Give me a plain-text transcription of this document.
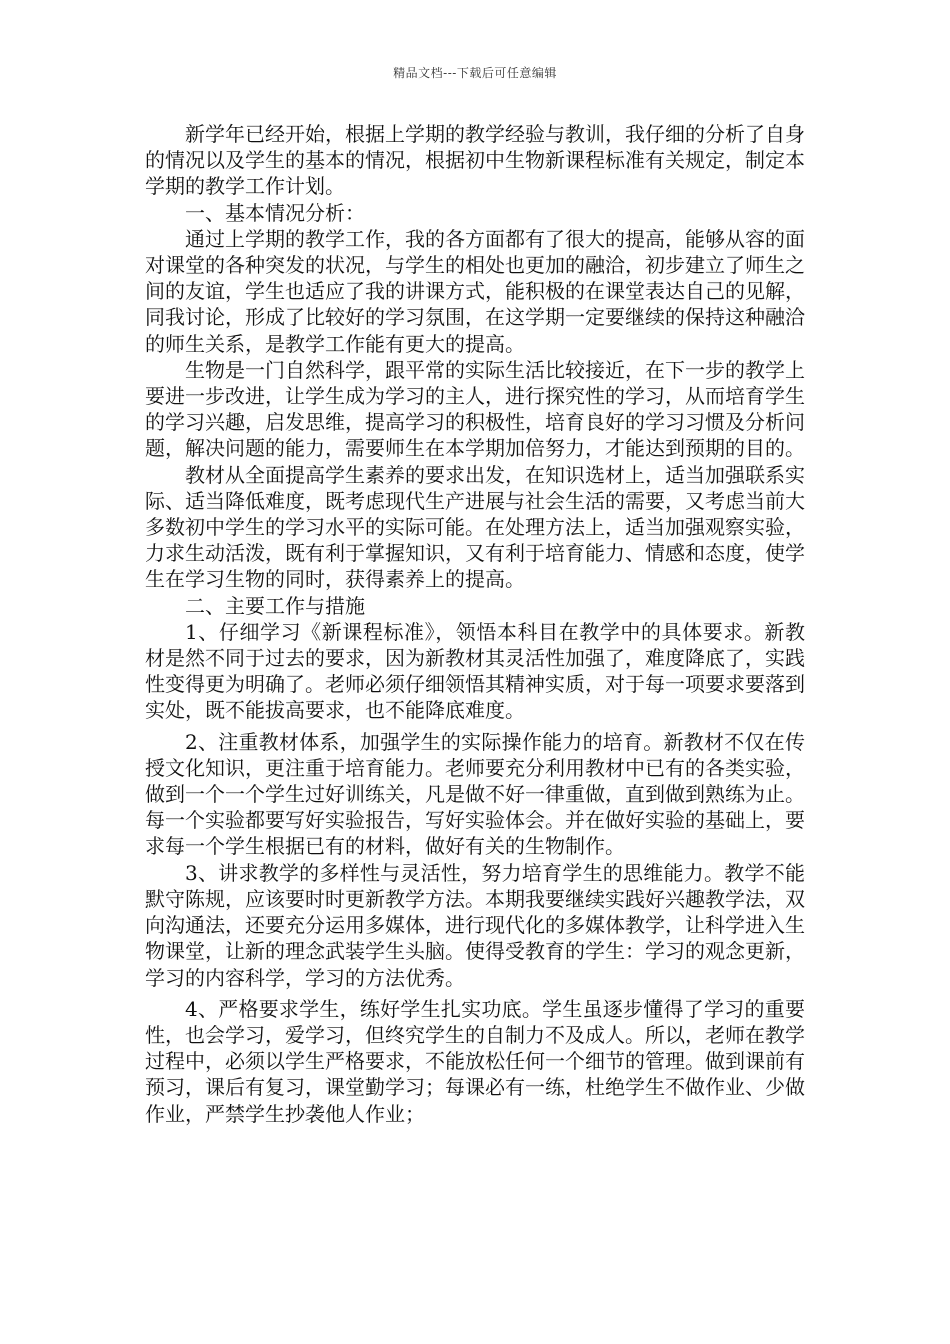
精品文档---下载后可任意编辑

新学年已经开始，根据上学期的教学经验与教训，我仔细的分析了自身的情况以及学生的基本的情况，根据初中生物新课程标准有关规定，制定本学期的教学工作计划。

一、基本情况分析：

通过上学期的教学工作，我的各方面都有了很大的提高，能够从容的面对课堂的各种突发的状况，与学生的相处也更加的融洽，初步建立了师生之间的友谊，学生也适应了我的讲课方式，能积极的在课堂表达自己的见解，同我讨论，形成了比较好的学习氛围，在这学期一定要继续的保持这种融洽的师生关系，是教学工作能有更大的提高。

生物是一门自然科学，跟平常的实际生活比较接近，在下一步的教学上要进一步改进，让学生成为学习的主人，进行探究性的学习，从而培育学生的学习兴趣，启发思维，提高学习的积极性，培育良好的学习习惯及分析问题，解决问题的能力，需要师生在本学期加倍努力，才能达到预期的目的。

教材从全面提高学生素养的要求出发，在知识选材上，适当加强联系实际、适当降低难度，既考虑现代生产进展与社会生活的需要，又考虑当前大多数初中学生的学习水平的实际可能。在处理方法上，适当加强观察实验，力求生动活泼，既有利于掌握知识，又有利于培育能力、情感和态度，使学生在学习生物的同时，获得素养上的提高。

二、主要工作与措施

1、仔细学习《新课程标准》，领悟本科目在教学中的具体要求。新教材是然不同于过去的要求，因为新教材其灵活性加强了，难度降底了，实践性变得更为明确了。老师必须仔细领悟其精神实质，对于每一项要求要落到实处，既不能拔高要求，也不能降底难度。

2、注重教材体系，加强学生的实际操作能力的培育。新教材不仅在传授文化知识，更注重于培育能力。老师要充分利用教材中已有的各类实验，做到一个一个学生过好训练关，凡是做不好一律重做，直到做到熟练为止。每一个实验都要写好实验报告，写好实验体会。并在做好实验的基础上，要求每一个学生根据已有的材料，做好有关的生物制作。

3、讲求教学的多样性与灵活性，努力培育学生的思维能力。教学不能默守陈规，应该要时时更新教学方法。本期我要继续实践好兴趣教学法，双向沟通法，还要充分运用多媒体，进行现代化的多媒体教学，让科学进入生物课堂，让新的理念武装学生头脑。使得受教育的学生：学习的观念更新，学习的内容科学，学习的方法优秀。

4、严格要求学生，练好学生扎实功底。学生虽逐步懂得了学习的重要性，也会学习，爱学习，但终究学生的自制力不及成人。所以，老师在教学过程中，必须以学生严格要求，不能放松任何一个细节的管理。做到课前有预习，课后有复习，课堂勤学习；每课必有一练，杜绝学生不做作业、少做作业，严禁学生抄袭他人作业；
